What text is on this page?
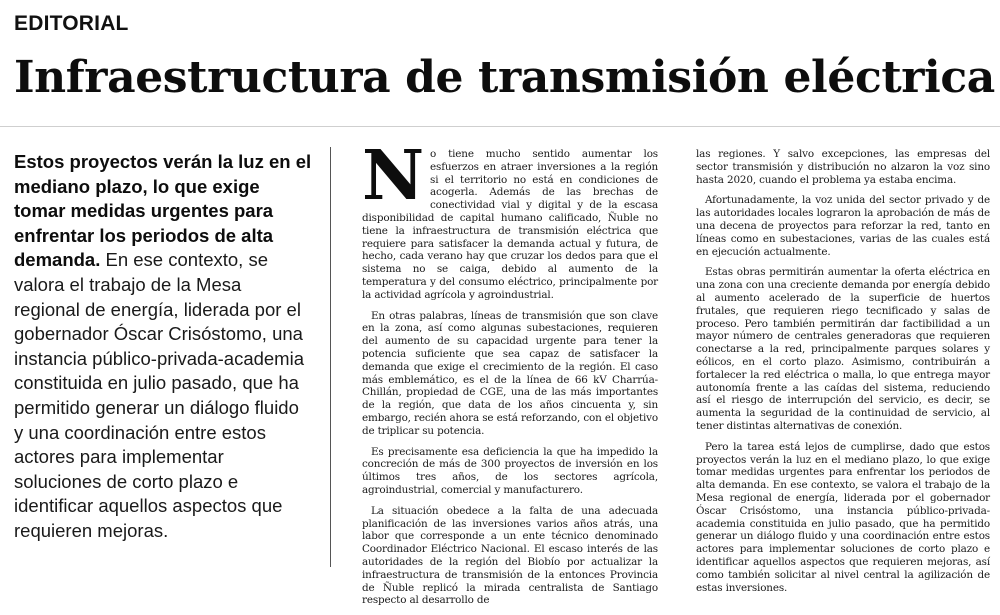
EDITORIAL
Infraestructura de transmisión eléctrica
Estos proyectos verán la luz en el mediano plazo, lo que exige tomar medidas urgentes para enfrentar los periodos de alta demanda. En ese contexto, se valora el trabajo de la Mesa regional de energía, liderada por el gobernador Óscar Crisóstomo, una instancia público-privada-academia constituida en julio pasado, que ha permitido generar un diálogo fluido y una coordinación entre estos actores para implementar soluciones de corto plazo e identificar aquellos aspectos que requieren mejoras.

No tiene mucho sentido aumentar los esfuerzos en atraer inversiones a la región si el territorio no está en condiciones de acogerla. Además de las brechas de conectividad vial y digital y de la escasa disponibilidad de capital humano calificado, Ñuble no tiene la infraestructura de transmisión eléctrica que requiere para satisfacer la demanda actual y futura, de hecho, cada verano hay que cruzar los dedos para que el sistema no se caiga, debido al aumento de la temperatura y del consumo eléctrico, principalmente por la actividad agrícola y agroindustrial.

En otras palabras, líneas de transmisión que son clave en la zona, así como algunas subestaciones, requieren del aumento de su capacidad urgente para tener la potencia suficiente que sea capaz de satisfacer la demanda que exige el crecimiento de la región. El caso más emblemático, es el de la línea de 66 kV Charrúa-Chillán, propiedad de CGE, una de las más importantes de la región, que data de los años cincuenta y, sin embargo, recién ahora se está reforzando, con el objetivo de triplicar su potencia.

Es precisamente esa deficiencia la que ha impedido la concreción de más de 300 proyectos de inversión en los últimos tres años, de los sectores agrícola, agroindustrial, comercial y manufacturero.

La situación obedece a la falta de una adecuada planificación de las inversiones varios años atrás, una labor que corresponde a un ente técnico denominado Coordinador Eléctrico Nacional. El escaso interés de las autoridades de la región del Biobío por actualizar la infraestructura de transmisión de la entonces Provincia de Ñuble replicó la mirada centralista de Santiago respecto al desarrollo de

las regiones. Y salvo excepciones, las empresas del sector transmisión y distribución no alzaron la voz sino hasta 2020, cuando el problema ya estaba encima.

Afortunadamente, la voz unida del sector privado y de las autoridades locales lograron la aprobación de más de una decena de proyectos para reforzar la red, tanto en líneas como en subestaciones, varias de las cuales está en ejecución actualmente.

Estas obras permitirán aumentar la oferta eléctrica en una zona con una creciente demanda por energía debido al aumento acelerado de la superficie de huertos frutales, que requieren riego tecnificado y salas de proceso. Pero también permitirán dar factibilidad a un mayor número de centrales generadoras que requieren conectarse a la red, principalmente parques solares y eólicos, en el corto plazo. Asimismo, contribuirán a fortalecer la red eléctrica o malla, lo que entrega mayor autonomía frente a las caídas del sistema, reduciendo así el riesgo de interrupción del servicio, es decir, se aumenta la seguridad de la continuidad de servicio, al tener distintas alternativas de conexión.

Pero la tarea está lejos de cumplirse, dado que estos proyectos verán la luz en el mediano plazo, lo que exige tomar medidas urgentes para enfrentar los periodos de alta demanda. En ese contexto, se valora el trabajo de la Mesa regional de energía, liderada por el gobernador Óscar Crisóstomo, una instancia público-privada-academia constituida en julio pasado, que ha permitido generar un diálogo fluido y una coordinación entre estos actores para implementar soluciones de corto plazo e identificar aquellos aspectos que requieren mejoras, así como también solicitar al nivel central la agilización de estas inversiones.
